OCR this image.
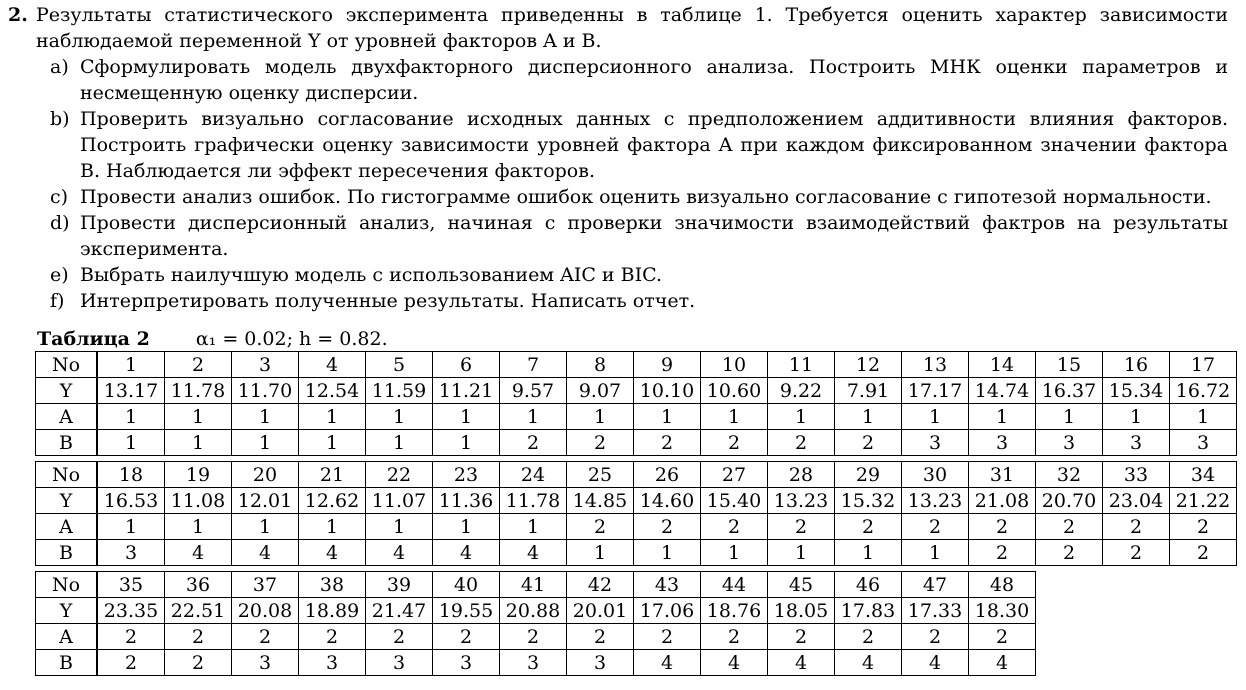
2. Результаты статистического эксперимента приведенны в таблице 1. Требуется оценить характер зависимости наблюдаемой переменной Y от уровней факторов A и B.
a) Сформулировать модель двухфакторного дисперсионного анализа. Построить МНК оценки параметров и несмещенную оценку дисперсии.
b) Проверить визуально согласование исходных данных с предположением аддитивности влияния факторов. Построить графически оценку зависимости уровней фактора A при каждом фиксированном значении фактора B. Наблюдается ли эффект пересечения факторов.
c) Провести анализ ошибок. По гистограмме ошибок оценить визуально согласование с гипотезой нормальности.
d) Провести дисперсионный анализ, начиная с проверки значимости взаимодействий фактров на результаты эксперимента.
e) Выбрать наилучшую модель с использованием AIC и BIC.
f) Интерпретировать полученные результаты. Написать отчет.
Таблица 2 α₁ = 0.02; h = 0.82.
No	1	2	3	4	5	6	7	8	9	10	11	12	13	14	15	16	17
Y	13.17	11.78	11.70	12.54	11.59	11.21	9.57	9.07	10.10	10.60	9.22	7.91	17.17	14.74	16.37	15.34	16.72
A	1	1	1	1	1	1	1	1	1	1	1	1	1	1	1	1	1
B	1	1	1	1	1	1	2	2	2	2	2	2	3	3	3	3	3
No	18	19	20	21	22	23	24	25	26	27	28	29	30	31	32	33	34
Y	16.53	11.08	12.01	12.62	11.07	11.36	11.78	14.85	14.60	15.40	13.23	15.32	13.23	21.08	20.70	23.04	21.22
A	1	1	1	1	1	1	1	2	2	2	2	2	2	2	2	2	2
B	3	4	4	4	4	4	4	1	1	1	1	1	1	2	2	2	2
No	35	36	37	38	39	40	41	42	43	44	45	46	47	48
Y	23.35	22.51	20.08	18.89	21.47	19.55	20.88	20.01	17.06	18.76	18.05	17.83	17.33	18.30
A	2	2	2	2	2	2	2	2	2	2	2	2	2	2
B	2	2	3	3	3	3	3	3	4	4	4	4	4	4
